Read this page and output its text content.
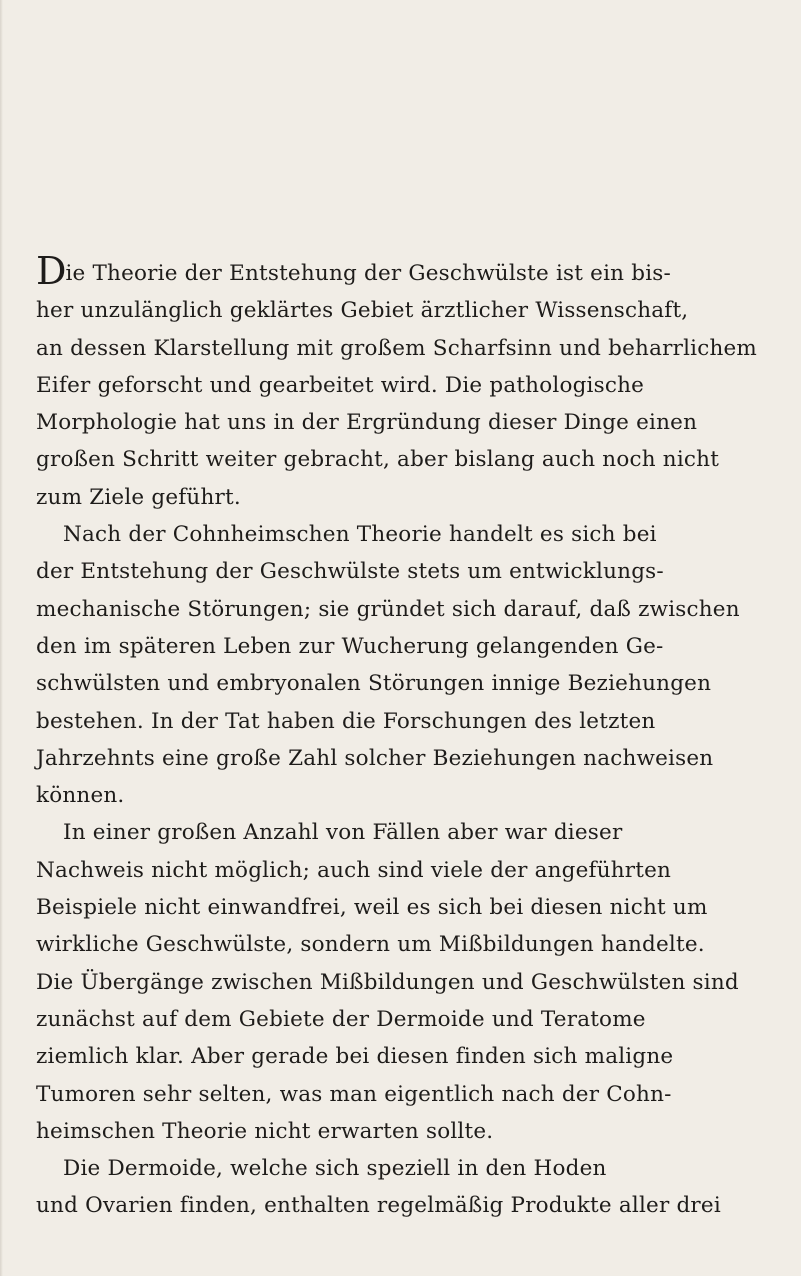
Die Theorie der Entstehung der Geschwülste ist ein bis-
her unzulänglich geklärtes Gebiet ärztlicher Wissenschaft,
an dessen Klarstellung mit großem Scharfsinn und beharrlichem
Eifer geforscht und gearbeitet wird. Die pathologische
Morphologie hat uns in der Ergründung dieser Dinge einen
großen Schritt weiter gebracht, aber bislang auch noch nicht
zum Ziele geführt.
Nach der Cohnheimschen Theorie handelt es sich bei
der Entstehung der Geschwülste stets um entwicklungs-
mechanische Störungen; sie gründet sich darauf, daß zwischen
den im späteren Leben zur Wucherung gelangenden Ge-
schwülsten und embryonalen Störungen innige Beziehungen
bestehen. In der Tat haben die Forschungen des letzten
Jahrzehnts eine große Zahl solcher Beziehungen nachweisen
können.
In einer großen Anzahl von Fällen aber war dieser
Nachweis nicht möglich; auch sind viele der angeführten
Beispiele nicht einwandfrei, weil es sich bei diesen nicht um
wirkliche Geschwülste, sondern um Mißbildungen handelte.
Die Übergänge zwischen Mißbildungen und Geschwülsten sind
zunächst auf dem Gebiete der Dermoide und Teratome
ziemlich klar. Aber gerade bei diesen finden sich maligne
Tumoren sehr selten, was man eigentlich nach der Cohn-
heimschen Theorie nicht erwarten sollte.
Die Dermoide, welche sich speziell in den Hoden
und Ovarien finden, enthalten regelmäßig Produkte aller drei
